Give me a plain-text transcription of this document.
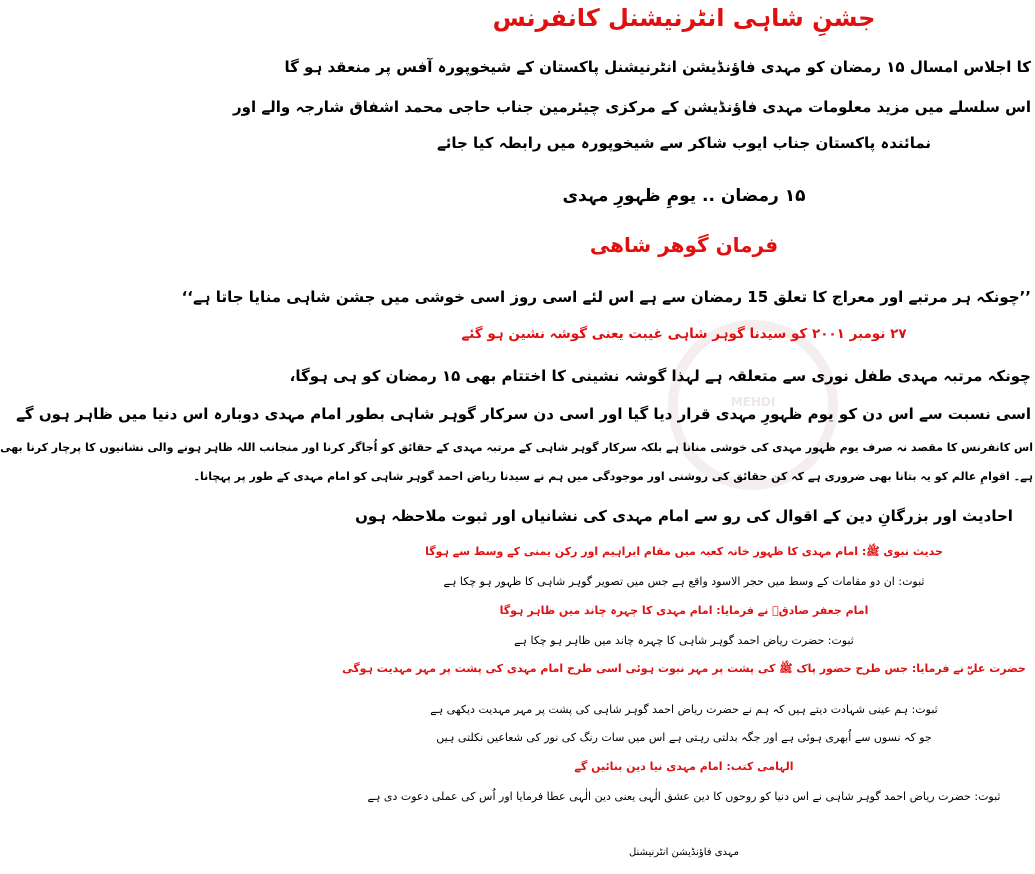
جشنِ شاہی انٹرنیشنل کانفرنس
کا اجلاس امسال ۱۵ رمضان کو مہدی فاؤنڈیشن انٹرنیشنل پاکستان کے شیخوپورہ آفس پر منعقد ہو گا
اس سلسلے میں مزید معلومات مہدی فاؤنڈیشن کے مرکزی چیئرمین جناب حاجی محمد اشفاق شارجہ والے اور
نمائندہ پاکستان جناب ایوب شاکر سے شیخوپورہ میں رابطہ کیا جائے
۱۵ رمضان .. یومِ ظہورِ مہدی
فرمان گوھر شاھی
’’چونکہ ہر مرتبے اور معراج کا تعلق 15 رمضان سے ہے اس لئے اسی روز اسی خوشی میں جشن شاہی منایا جاتا ہے‘‘
۲۷ نومبر ۲۰۰۱ کو سیدنا گوہر شاہی غیبت یعنی گوشہ نشین ہو گئے
چونکہ مرتبہ مہدی طفل نوری سے متعلقہ ہے لہذا گوشہ نشینی کا اختتام بھی ۱۵ رمضان کو ہی ہوگا،
اسی نسبت سے اس دن کو یوم ظہورِ مہدی قرار دیا گیا اور اسی دن سرکار گوہر شاہی بطور امام مہدی دوبارہ اس دنیا میں ظاہر ہوں گے
MEHDI
اس کانفرنس کا مقصد نہ صرف یوم ظہور مہدی کی خوشی منانا ہے بلکہ سرکار گوہر شاہی کے مرتبہ مہدی کے حقائق کو اُجاگر کرنا اور منجانب اللہ ظاہر ہونے والی نشانیوں کا پرچار کرنا بھی
ہے۔ اقوامِ عالم کو یہ بتانا بھی ضروری ہے کہ کن حقائق کی روشنی اور موجودگی میں ہم نے سیدنا ریاض احمد گوہر شاہی کو امام مہدی کے طور پر پہچانا۔
احادیث اور بزرگانِ دین کے اقوال کی رو سے امام مہدی کی نشانیاں اور ثبوت ملاحظہ ہوں
حدیث نبوی ﷺ: امام مہدی کا ظہور خانہ کعبہ میں مقام ابراہیم اور رکن یمنی کے وسط سے ہوگا
ثبوت: ان دو مقامات کے وسط میں حجر الاسود واقع ہے جس میں تصویر گوہر شاہی کا ظہور ہو چکا ہے
امام جعفر صادقؓ نے فرمایا: امام مہدی کا چہرہ چاند میں ظاہر ہوگا
ثبوت: حضرت ریاض احمد گوہر شاہی کا چہرہ چاند میں ظاہر ہو چکا ہے
حضرت علیؓ نے فرمایا: جس طرح حضور پاک ﷺ کی پشت پر مہر نبوت ہوئی اسی طرح امام مہدی کی پشت پر مہر مہدیت ہوگی
ثبوت: ہم عینی شہادت دیتے ہیں کہ ہم نے حضرت ریاض احمد گوہر شاہی کی پشت پر مہر مہدیت دیکھی ہے
جو کہ نسوں سے اُبھری ہوئی ہے اور جگہ بدلتی رہتی ہے اس میں سات رنگ کی نور کی شعاعیں نکلتی ہیں
الہامی کتب: امام مہدی نیا دین بنائیں گے
ثبوت: حضرت ریاض احمد گوہر شاہی نے اس دنیا کو روحوں کا دین عشق الٰہی یعنی دین الٰہی عطا فرمایا اور اُس کی عملی دعوت دی ہے
مہدی فاؤنڈیشن انٹرنیشنل
